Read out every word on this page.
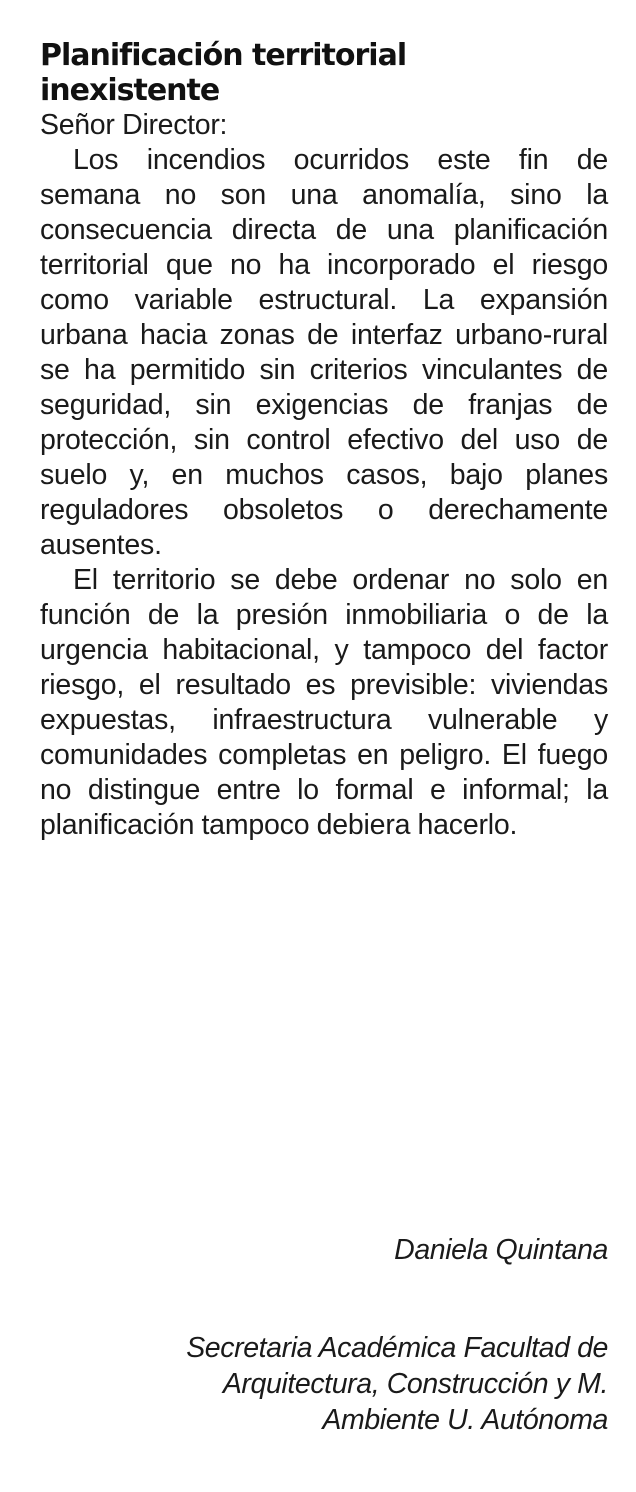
Planificación territorial
inexistente

Señor Director:

Los incendios ocurridos este fin de semana no son una anomalía, sino la consecuencia directa de una planificación territorial que no ha incorporado el riesgo como variable estructural. La expansión urbana hacia zonas de interfaz urbano-rural se ha permitido sin criterios vinculantes de seguridad, sin exigencias de franjas de protección, sin control efectivo del uso de suelo y, en muchos casos, bajo planes reguladores obsoletos o derechamente ausentes.

El territorio se debe ordenar no solo en función de la presión inmobiliaria o de la urgencia habitacional, y tampoco del factor riesgo, el resultado es previsible: viviendas expuestas, infraestructura vulnerable y comunidades completas en peligro. El fuego no distingue entre lo formal e informal; la planificación tampoco debiera hacerlo.

Daniela Quintana

Secretaria Académica Facultad de
Arquitectura, Construcción y M.
Ambiente U. Autónoma
